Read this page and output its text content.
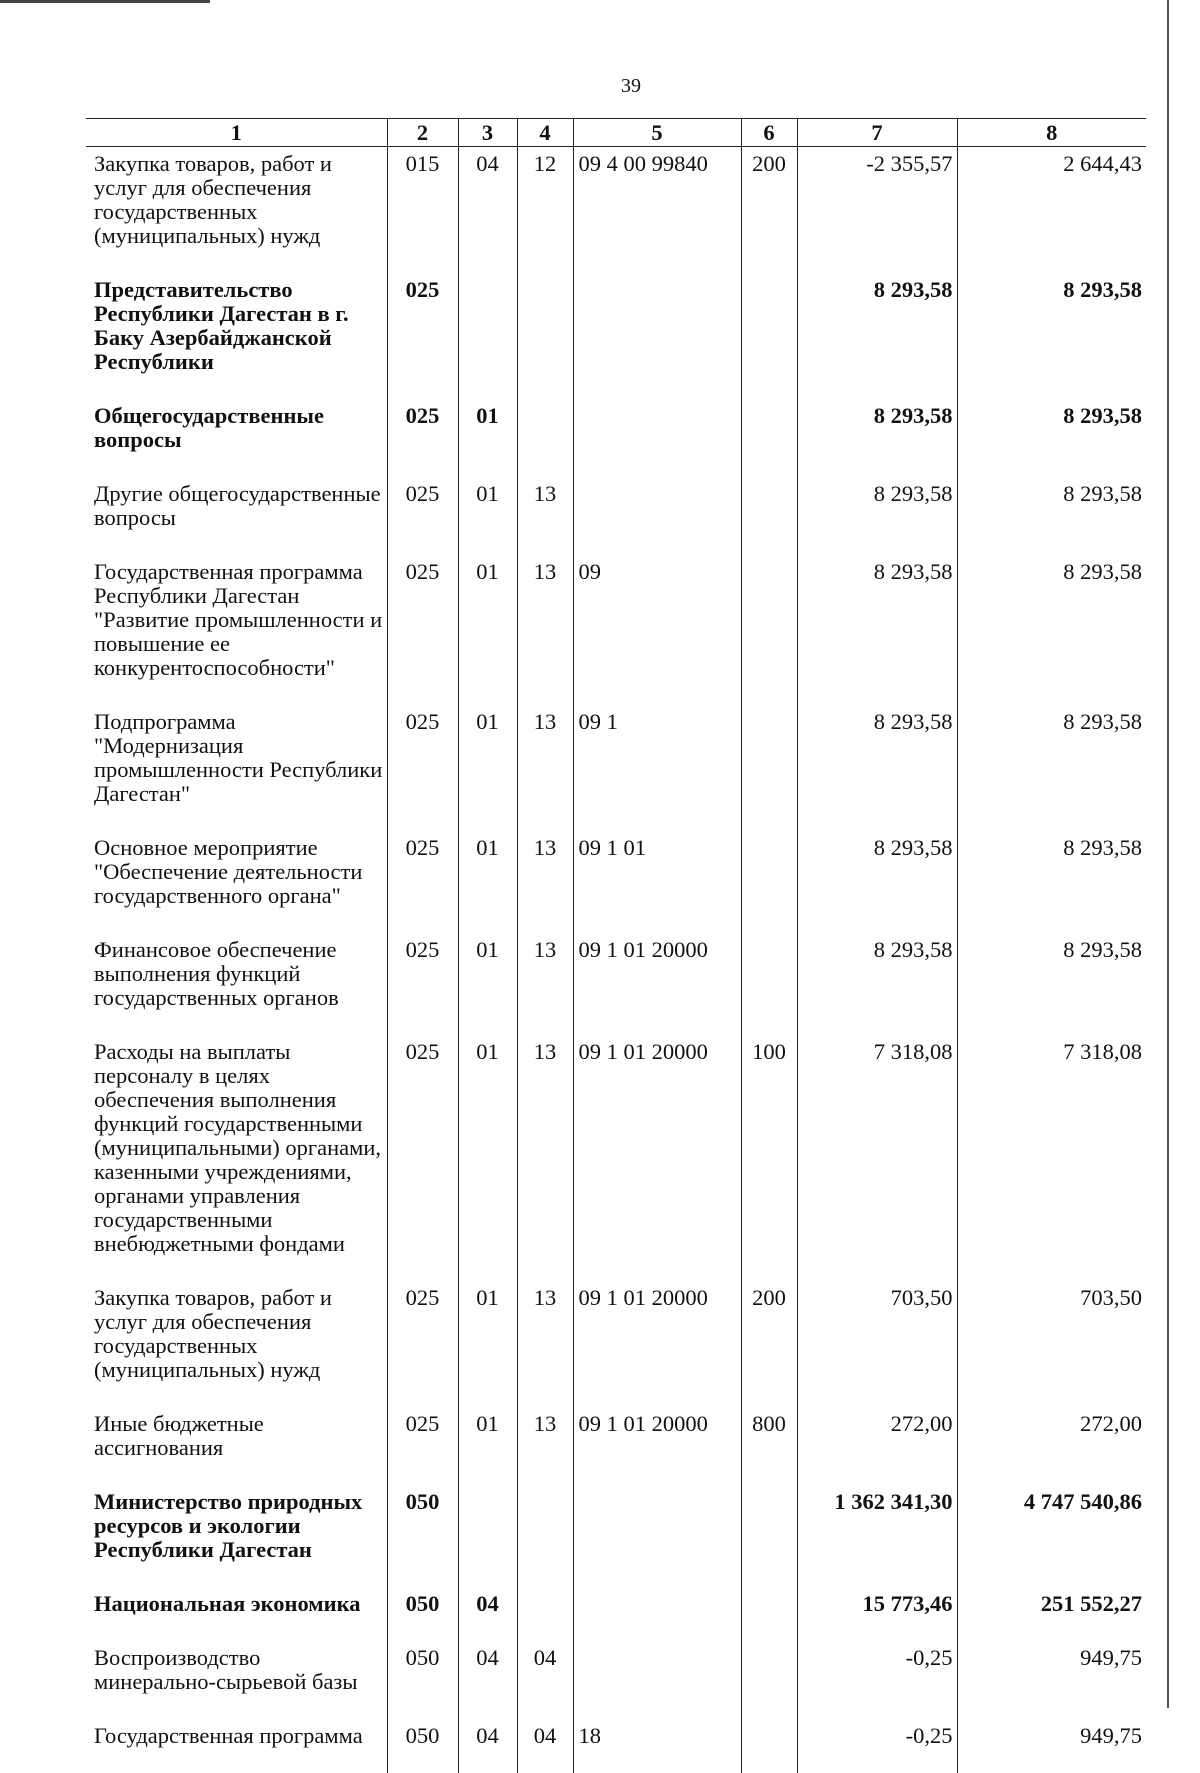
39
1	2	3	4	5	6	7	8
Закупка товаров, работ и услуг для обеспечения государственных (муниципальных) нужд	015	04	12	09 4 00 99840	200	-2 355,57	2 644,43
Представительство Республики Дагестан в г. Баку Азербайджанской Республики	025					8 293,58	8 293,58
Общегосударственные вопросы	025	01				8 293,58	8 293,58
Другие общегосударственные вопросы	025	01	13			8 293,58	8 293,58
Государственная программа Республики Дагестан "Развитие промышленности и повышение ее конкурентоспособности"	025	01	13	09		8 293,58	8 293,58
Подпрограмма "Модернизация промышленности Республики Дагестан"	025	01	13	09 1		8 293,58	8 293,58
Основное мероприятие "Обеспечение деятельности государственного органа"	025	01	13	09 1 01		8 293,58	8 293,58
Финансовое обеспечение выполнения функций государственных органов	025	01	13	09 1 01 20000		8 293,58	8 293,58
Расходы на выплаты персоналу в целях обеспечения выполнения функций государственными (муниципальными) органами, казенными учреждениями, органами управления государственными внебюджетными фондами	025	01	13	09 1 01 20000	100	7 318,08	7 318,08
Закупка товаров, работ и услуг для обеспечения государственных (муниципальных) нужд	025	01	13	09 1 01 20000	200	703,50	703,50
Иные бюджетные ассигнования	025	01	13	09 1 01 20000	800	272,00	272,00
Министерство природных ресурсов и экологии Республики Дагестан	050					1 362 341,30	4 747 540,86
Национальная экономика	050	04				15 773,46	251 552,27
Воспроизводство минерально-сырьевой базы	050	04	04			-0,25	949,75
Государственная программа	050	04	04	18		-0,25	949,75
